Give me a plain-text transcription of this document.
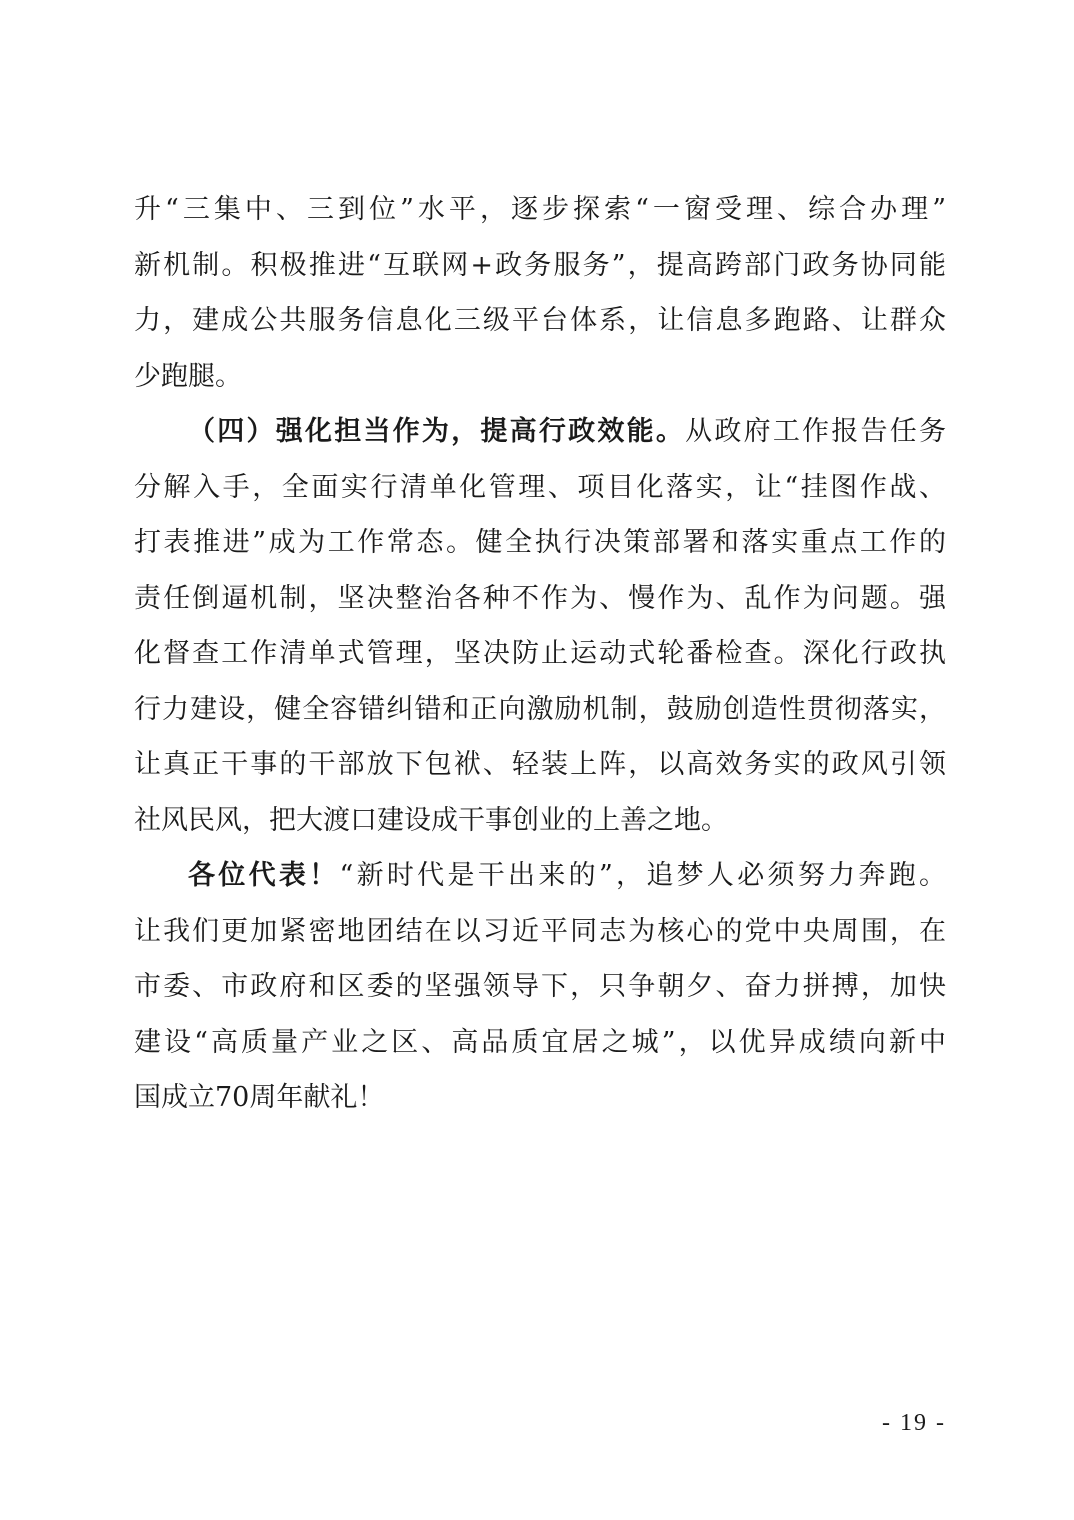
升“三集中、三到位”水平，逐步探索“一窗受理、综合办理”
新机制。积极推进“互联网+政务服务”，提高跨部门政务协同能
力，建成公共服务信息化三级平台体系，让信息多跑路、让群众
少跑腿。
（四）强化担当作为，提高行政效能。从政府工作报告任务
分解入手，全面实行清单化管理、项目化落实，让“挂图作战、
打表推进”成为工作常态。健全执行决策部署和落实重点工作的
责任倒逼机制，坚决整治各种不作为、慢作为、乱作为问题。强
化督查工作清单式管理，坚决防止运动式轮番检查。深化行政执
行力建设，健全容错纠错和正向激励机制，鼓励创造性贯彻落实，
让真正干事的干部放下包袱、轻装上阵，以高效务实的政风引领
社风民风，把大渡口建设成干事创业的上善之地。
各位代表！“新时代是干出来的”，追梦人必须努力奔跑。
让我们更加紧密地团结在以习近平同志为核心的党中央周围，在
市委、市政府和区委的坚强领导下，只争朝夕、奋力拼搏，加快
建设“高质量产业之区、高品质宜居之城”，以优异成绩向新中
国成立70周年献礼！
- 19 -
